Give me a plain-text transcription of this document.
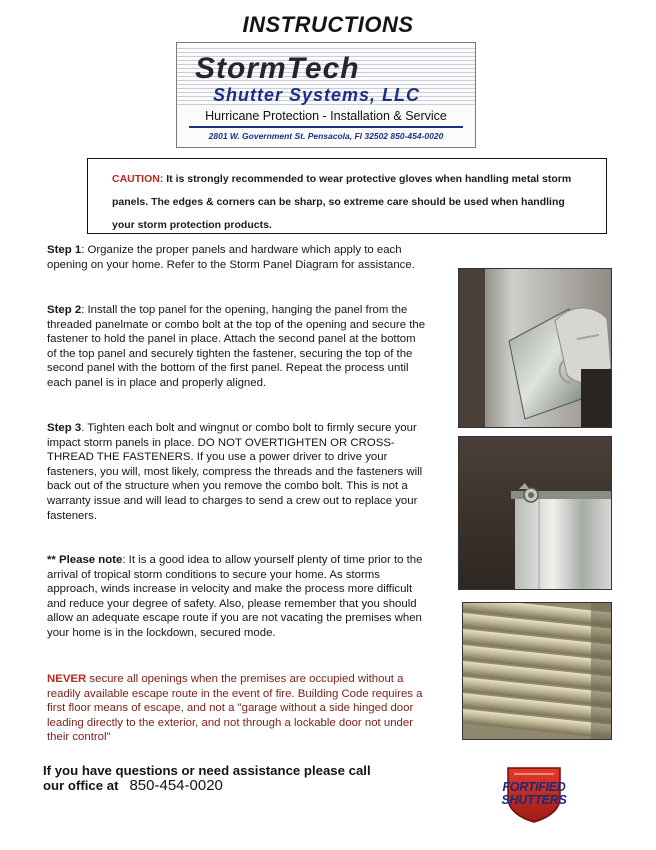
INSTRUCTIONS
StormTech
Shutter Systems, LLC
Hurricane Protection - Installation & Service
2801 W. Government St. Pensacola, Fl 32502 850-454-0020
CAUTION: It is strongly recommended to wear protective gloves when handling metal storm panels. The edges & corners can be sharp, so extreme care should be used when handling your storm protection products.
Step 1: Organize the proper panels and hardware which apply to each opening on your home. Refer to the Storm Panel Diagram for assistance.
Step 2: Install the top panel for the opening, hanging the panel from the threaded panelmate or combo bolt at the top of the opening and secure the fastener to hold the panel in place. Attach the second panel at the bottom of the top panel and securely tighten the fastener, securing the top of the second panel with the bottom of the first panel. Repeat the process until each panel is in place and properly aligned.
Step 3. Tighten each bolt and wingnut or combo bolt to firmly secure your impact storm panels in place. DO NOT OVERTIGHTEN OR CROSS-THREAD THE FASTENERS. If you use a power driver to drive your fasteners, you will, most likely, compress the threads and the fasteners will back out of the structure when you remove the combo bolt. This is not a warranty issue and will lead to charges to send a crew out to replace your fasteners.
** Please note: It is a good idea to allow yourself plenty of time prior to the arrival of tropical storm conditions to secure your home. As storms approach, winds increase in velocity and make the process more difficult and reduce your degree of safety. Also, please remember that you should allow an adequate escape route if you are not vacating the premises when your home is in the lockdown, secured mode.
NEVER secure all openings when the premises are occupied without a readily available escape route in the event of fire. Building Code requires a first floor means of escape, and not a "garage without a side hinged door leading directly to the exterior, and not through a lockable door not under their control"
If you have questions or need assistance please call
our office at 850-454-0020	FORTIFIED
SHUTTERS
